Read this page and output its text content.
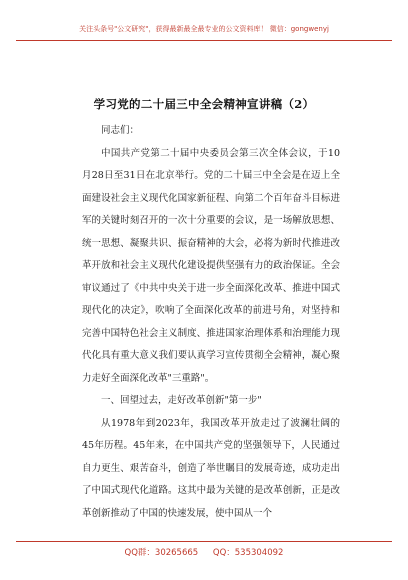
关注头条号"公文研究"，获得最新最全最专业的公文资料库！ 微信：gongwenyj
学习党的二十届三中全会精神宣讲稿（2）

同志们：

中国共产党第二十届中央委员会第三次全体会议，于10月28日至31日在北京举行。党的二十届三中全会是在迈上全面建设社会主义现代化国家新征程、向第二个百年奋斗目标进军的关键时刻召开的一次十分重要的会议，是一场解放思想、统一思想、凝聚共识、振奋精神的大会，必将为新时代推进改革开放和社会主义现代化建设提供坚强有力的政治保证。全会审议通过了《中共中央关于进一步全面深化改革、推进中国式现代化的决定》，吹响了全面深化改革的前进号角，对坚持和完善中国特色社会主义制度、推进国家治理体系和治理能力现代化具有重大意义我们要认真学习宣传贯彻全会精神，凝心聚力走好全面深化改革"三重路"。

一、回望过去，走好改革创新"第一步"

从1978年到2023年，我国改革开放走过了波澜壮阔的45年历程。45年来，在中国共产党的坚强领导下，人民通过自力更生、艰苦奋斗，创造了举世瞩目的发展奇迹，成功走出了中国式现代化道路。这其中最为关键的是改革创新，正是改革创新推动了中国的快速发展，使中国从一个

QQ群：30265665 QQ：535304092
